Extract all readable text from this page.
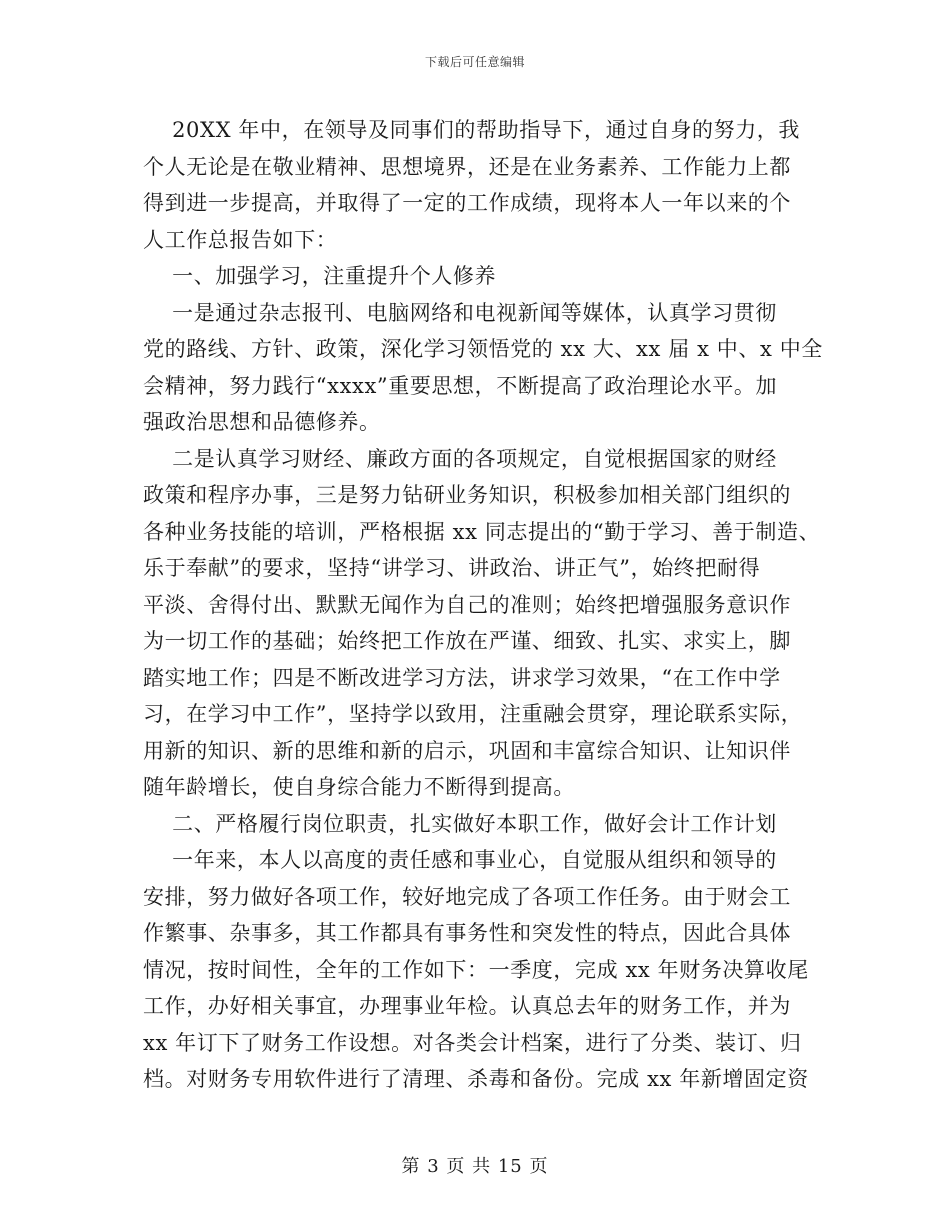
下载后可任意编辑
20XX 年中，在领导及同事们的帮助指导下，通过自身的努力，我
个人无论是在敬业精神、思想境界，还是在业务素养、工作能力上都
得到进一步提高，并取得了一定的工作成绩，现将本人一年以来的个
人工作总报告如下：
一、加强学习，注重提升个人修养
一是通过杂志报刊、电脑网络和电视新闻等媒体，认真学习贯彻
党的路线、方针、政策，深化学习领悟党的 xx 大、xx 届 x 中、x 中全
会精神，努力践行“xxxx”重要思想，不断提高了政治理论水平。加
强政治思想和品德修养。
二是认真学习财经、廉政方面的各项规定，自觉根据国家的财经
政策和程序办事，三是努力钻研业务知识，积极参加相关部门组织的
各种业务技能的培训，严格根据 xx 同志提出的“勤于学习、善于制造、
乐于奉献”的要求，坚持“讲学习、讲政治、讲正气”，始终把耐得
平淡、舍得付出、默默无闻作为自己的准则；始终把增强服务意识作
为一切工作的基础；始终把工作放在严谨、细致、扎实、求实上，脚
踏实地工作；四是不断改进学习方法，讲求学习效果，“在工作中学
习，在学习中工作”，坚持学以致用，注重融会贯穿，理论联系实际，
用新的知识、新的思维和新的启示，巩固和丰富综合知识、让知识伴
随年龄增长，使自身综合能力不断得到提高。
二、严格履行岗位职责，扎实做好本职工作，做好会计工作计划
一年来，本人以高度的责任感和事业心，自觉服从组织和领导的
安排，努力做好各项工作，较好地完成了各项工作任务。由于财会工
作繁事、杂事多，其工作都具有事务性和突发性的特点，因此合具体
情况，按时间性，全年的工作如下：一季度，完成 xx 年财务决算收尾
工作，办好相关事宜，办理事业年检。认真总去年的财务工作，并为
xx 年订下了财务工作设想。对各类会计档案，进行了分类、装订、归
档。对财务专用软件进行了清理、杀毒和备份。完成 xx 年新增固定资
第 3 页 共 15 页
